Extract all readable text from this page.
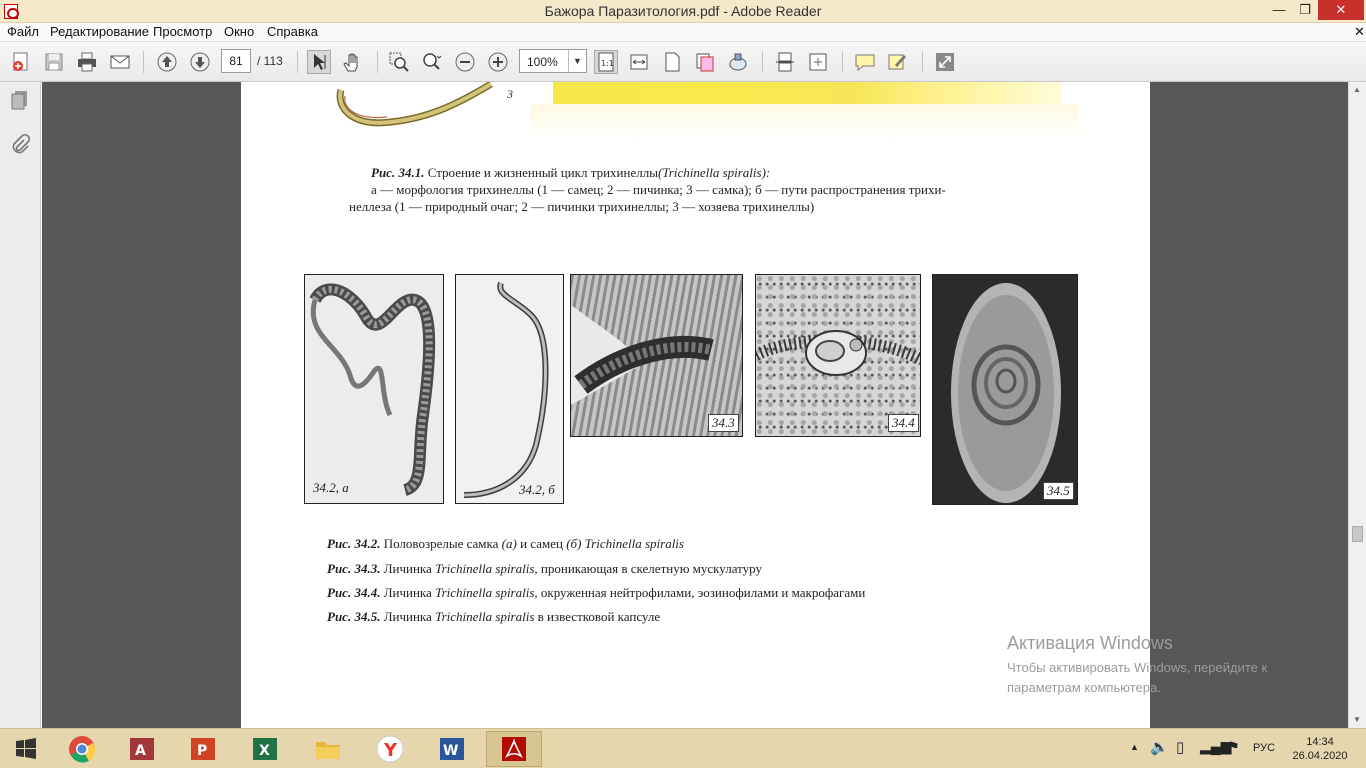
Бажора Паразитология.pdf - Adobe Reader	—	❐	✕
Файл Редактирование Просмотр Окно Справка	✕
1:1
81	/ 113	100%	▼
3
Рис. 34.1. Строение и жизненный цикл трихинеллы(Trichinella spiralis):
а — морфология трихинеллы (1 — самец; 2 — пичинка; 3 — самка); б — пути распространения трихи-
неллеза (1 — природный очаг; 2 — пичинки трихинеллы; 3 — хозяева трихинеллы)
34.2, а	34.2, б
34.3	34.4
34.5
Рис. 34.2. Половозрелые самка (а) и самец (б) Trichinella spiralis
Рис. 34.3. Личинка Trichinella spiralis, проникающая в скелетную мускулатуру
Рис. 34.4. Личинка Trichinella spiralis, окруженная нейтрофилами, эозинофилами и макрофагами
Рис. 34.5. Личинка Trichinella spiralis в известковой капсуле
▲
▼
Активация Windows
Чтобы активировать Windows, перейдите к
параметрам компьютера.
A	P	X	Y	W	▲ 🔈 ▯ ▂▄▆
⚑ РУС	14:34
26.04.2020
